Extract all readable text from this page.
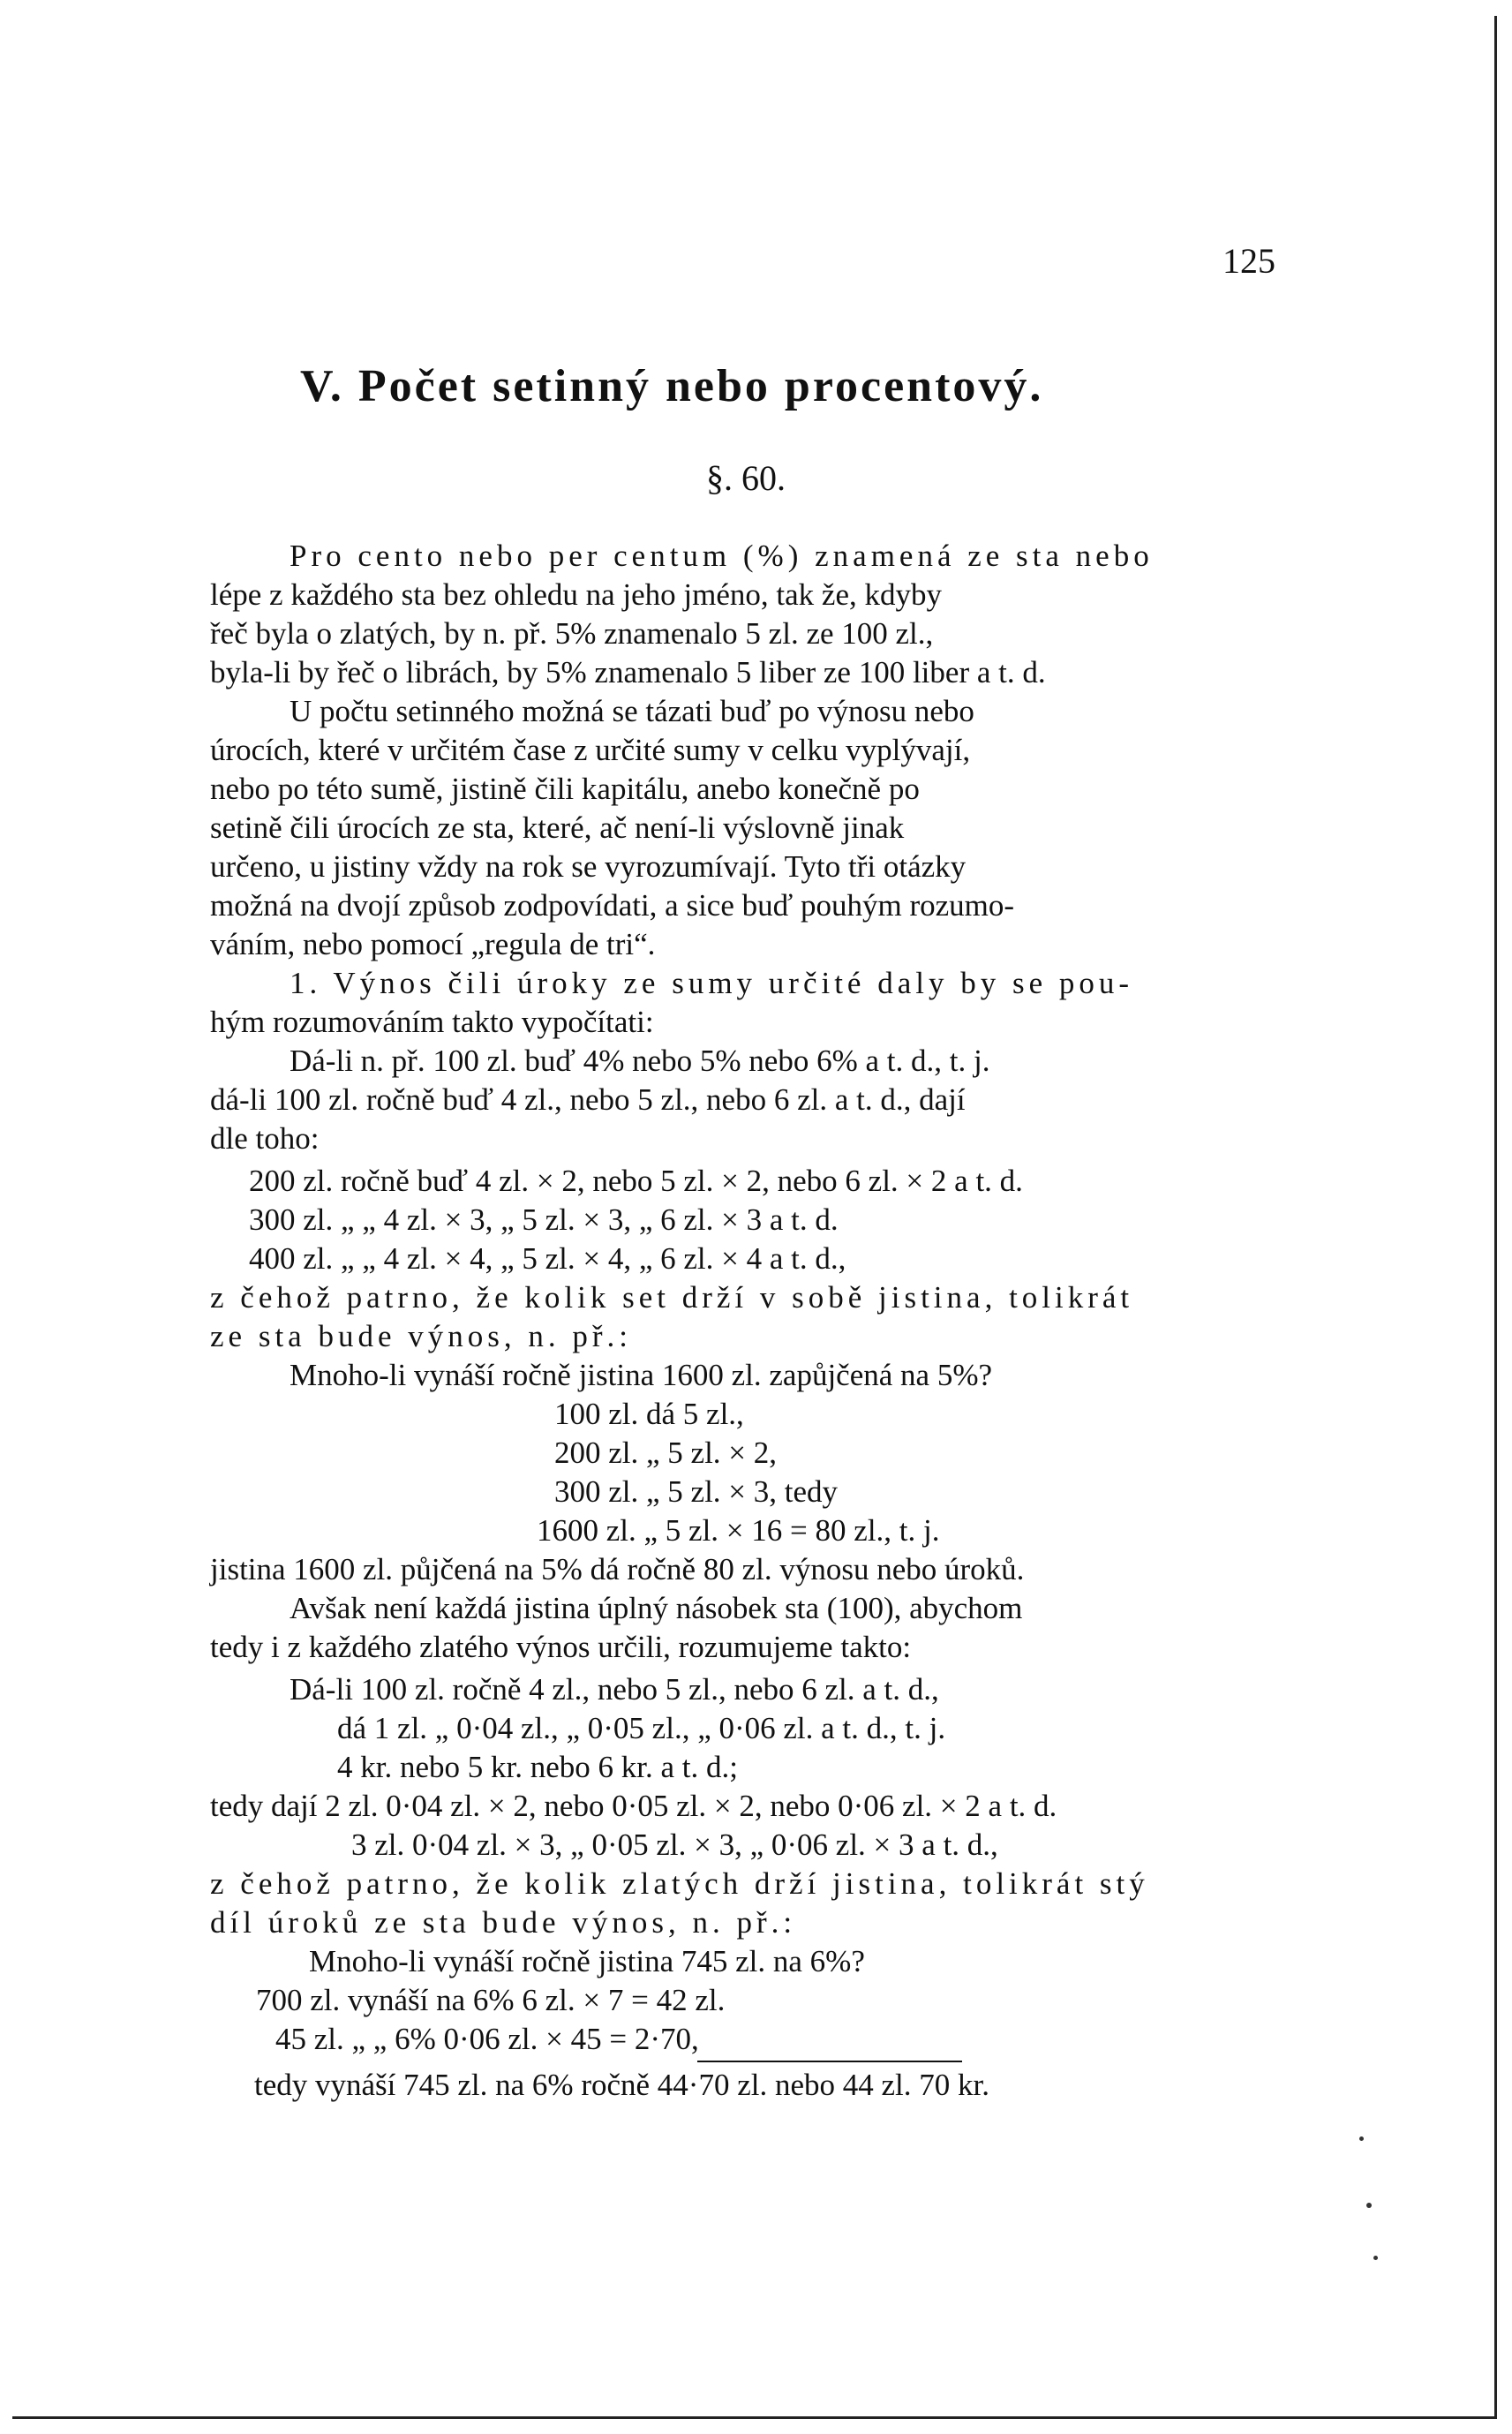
125
V. Počet setinný nebo procentový.
§. 60.
Pro cento nebo per centum (%) znamená ze sta nebo
lépe z každého sta bez ohledu na jeho jméno, tak že, kdyby
řeč byla o zlatých, by n. př. 5% znamenalo 5 zl. ze 100 zl.,
byla-li by řeč o librách, by 5% znamenalo 5 liber ze 100 liber a t. d.
U počtu setinného možná se tázati buď po výnosu nebo
úrocích, které v určitém čase z určité sumy v celku vyplývají,
nebo po této sumě, jistině čili kapitálu, anebo konečně po
setině čili úrocích ze sta, které, ač není-li výslovně jinak
určeno, u jistiny vždy na rok se vyrozumívají. Tyto tři otázky
možná na dvojí způsob zodpovídati, a sice buď pouhým rozumo-
váním, nebo pomocí „regula de tri“.
1. Výnos čili úroky ze sumy určité daly by se pou-
hým rozumováním takto vypočítati:
Dá-li n. př. 100 zl. buď 4% nebo 5% nebo 6% a t. d., t. j.
dá-li 100 zl. ročně buď 4 zl., nebo 5 zl., nebo 6 zl. a t. d., dají
dle toho:
200 zl. ročně buď 4 zl. × 2, nebo 5 zl. × 2, nebo 6 zl. × 2 a t. d.
300 zl. „ „ 4 zl. × 3, „ 5 zl. × 3, „ 6 zl. × 3 a t. d.
400 zl. „ „ 4 zl. × 4, „ 5 zl. × 4, „ 6 zl. × 4 a t. d.,
z čehož patrno, že kolik set drží v sobě jistina, tolikrát
ze sta bude výnos, n. př.:
Mnoho-li vynáší ročně jistina 1600 zl. zapůjčená na 5%?
100 zl. dá 5 zl.,
200 zl. „ 5 zl. × 2,
300 zl. „ 5 zl. × 3, tedy
1600 zl. „ 5 zl. × 16 = 80 zl., t. j.
jistina 1600 zl. půjčená na 5% dá ročně 80 zl. výnosu nebo úroků.
Avšak není každá jistina úplný násobek sta (100), abychom
tedy i z každého zlatého výnos určili, rozumujeme takto:
Dá-li 100 zl. ročně 4 zl., nebo 5 zl., nebo 6 zl. a t. d.,
dá 1 zl. „ 0·04 zl., „ 0·05 zl., „ 0·06 zl. a t. d., t. j.
4 kr. nebo 5 kr. nebo 6 kr. a t. d.;
tedy dají 2 zl. 0·04 zl. × 2, nebo 0·05 zl. × 2, nebo 0·06 zl. × 2 a t. d.
3 zl. 0·04 zl. × 3, „ 0·05 zl. × 3, „ 0·06 zl. × 3 a t. d.,
z čehož patrno, že kolik zlatých drží jistina, tolikrát stý
díl úroků ze sta bude výnos, n. př.:
Mnoho-li vynáší ročně jistina 745 zl. na 6%?
700 zl. vynáší na 6% 6 zl. × 7 = 42 zl.
45 zl. „ „ 6% 0·06 zl. × 45 = 2·70,
tedy vynáší 745 zl. na 6% ročně 44·70 zl. nebo 44 zl. 70 kr.
